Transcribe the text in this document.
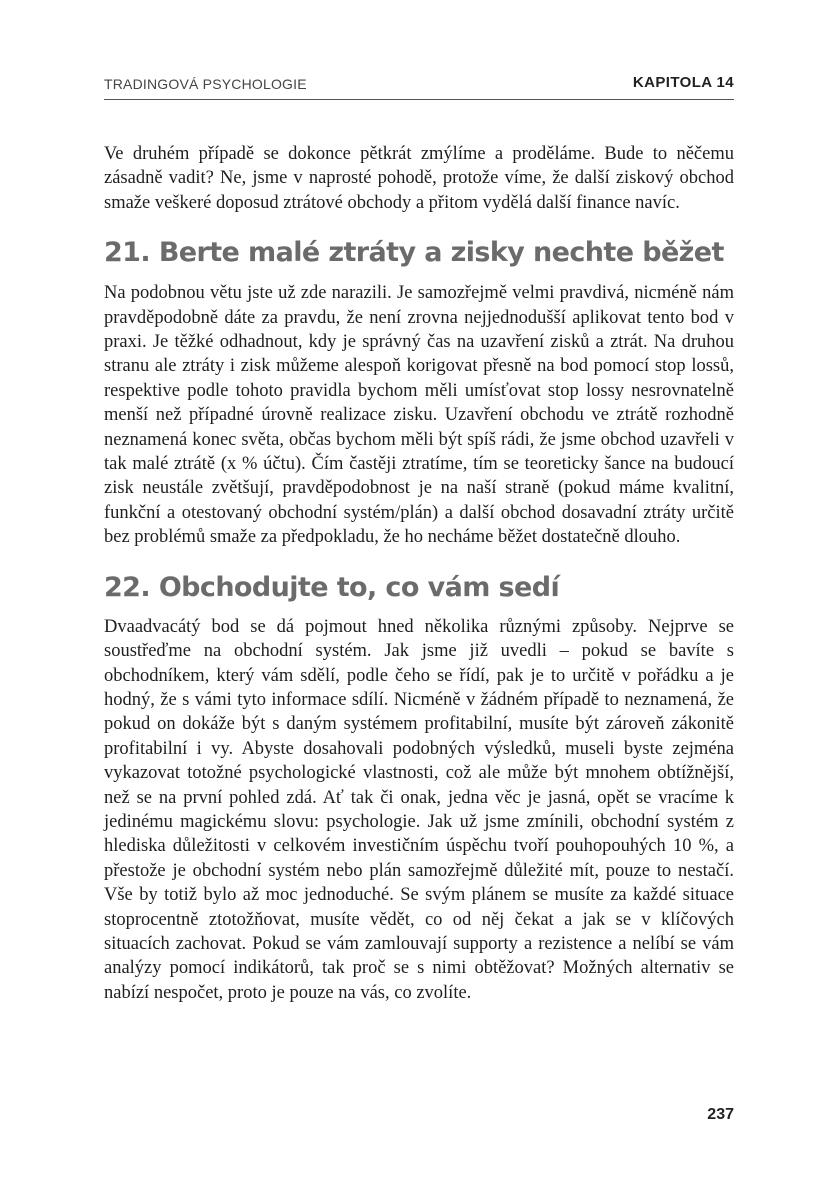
TRADINGOVÁ PSYCHOLOGIE	KAPITOLA 14

Ve druhém případě se dokonce pětkrát zmýlíme a proděláme. Bude to něčemu zásadně vadit? Ne, jsme v naprosté pohodě, protože víme, že další ziskový obchod smaže veškeré doposud ztrátové obchody a přitom vydělá další finance navíc.

21. Berte malé ztráty a zisky nechte běžet

Na podobnou větu jste už zde narazili. Je samozřejmě velmi pravdivá, nicméně nám pravděpodobně dáte za pravdu, že není zrovna nejjednodušší aplikovat tento bod v praxi. Je těžké odhadnout, kdy je správný čas na uzavření zisků a ztrát. Na druhou stranu ale ztráty i zisk můžeme alespoň korigovat přesně na bod pomocí stop lossů, respektive podle tohoto pravidla bychom měli umísťovat stop lossy nesrovnatelně menší než případné úrovně realizace zisku. Uzavření obchodu ve ztrátě rozhodně neznamená konec světa, občas bychom měli být spíš rádi, že jsme obchod uzavřeli v tak malé ztrátě (x % účtu). Čím častěji ztratíme, tím se teoreticky šance na budoucí zisk neustále zvětšují, pravděpodobnost je na naší straně (pokud máme kvalitní, funkční a otestovaný obchodní systém/plán) a další obchod dosavadní ztráty určitě bez problémů smaže za předpokladu, že ho necháme běžet dostatečně dlouho.

22. Obchodujte to, co vám sedí

Dvaadvacátý bod se dá pojmout hned několika různými způsoby. Nejprve se soustřeďme na obchodní systém. Jak jsme již uvedli – pokud se bavíte s obchodníkem, který vám sdělí, podle čeho se řídí, pak je to určitě v pořádku a je hodný, že s vámi tyto informace sdílí. Nicméně v žádném případě to neznamená, že pokud on dokáže být s daným systémem profitabilní, musíte být zároveň zákonitě profitabilní i vy. Abyste dosahovali podobných výsledků, museli byste zejména vykazovat totožné psychologické vlastnosti, což ale může být mnohem obtížnější, než se na první pohled zdá. Ať tak či onak, jedna věc je jasná, opět se vracíme k jedinému magickému slovu: psychologie. Jak už jsme zmínili, obchodní systém z hlediska důležitosti v celkovém investičním úspěchu tvoří pouhopouhých 10 %, a přestože je obchodní systém nebo plán samozřejmě důležité mít, pouze to nestačí. Vše by totiž bylo až moc jednoduché. Se svým plánem se musíte za každé situace stoprocentně ztotožňovat, musíte vědět, co od něj čekat a jak se v klíčových situacích zachovat. Pokud se vám zamlouvají supporty a rezistence a nelíbí se vám analýzy pomocí indikátorů, tak proč se s nimi obtěžovat? Možných alternativ se nabízí nespočet, proto je pouze na vás, co zvolíte.

237
